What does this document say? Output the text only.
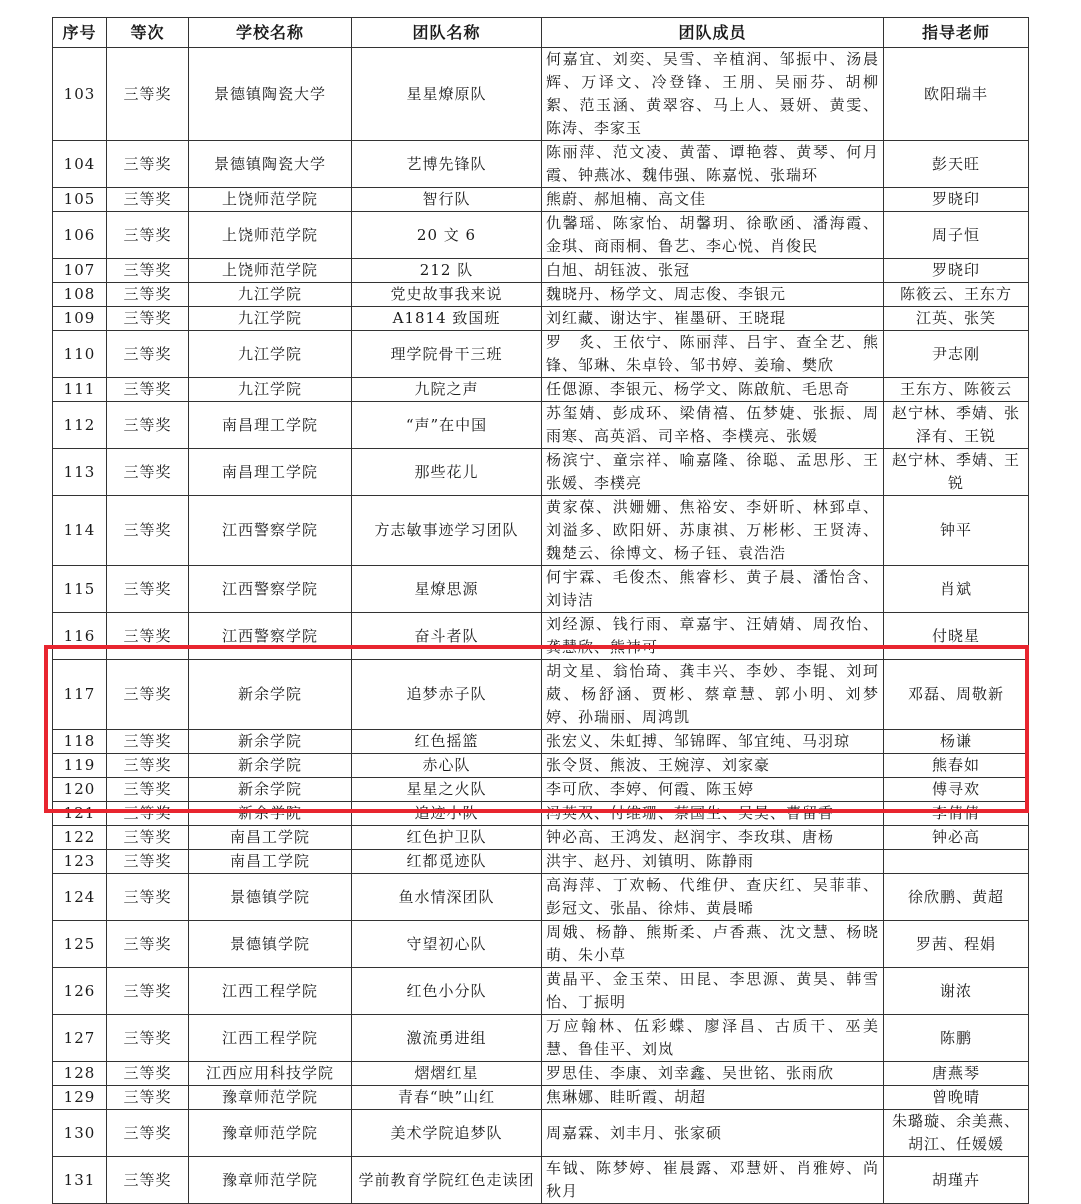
序号	等次	学校名称	团队名称	团队成员	指导老师
103	三等奖	景德镇陶瓷大学	星星燎原队	何嘉宜、刘奕、吴雪、辛植润、邹振中、汤晨辉、万译文、冷登锋、王朋、吴丽芬、胡柳絮、范玉涵、黄翠容、马上人、聂妍、黄雯、陈涛、李家玉	欧阳瑞丰
104	三等奖	景德镇陶瓷大学	艺博先锋队	陈丽萍、范文凌、黄蕾、谭艳蓉、黄琴、何月霞、钟燕冰、魏伟强、陈嘉悦、张瑞环	彭天旺
105	三等奖	上饶师范学院	智行队	熊蔚、郝旭楠、高文佳	罗晓印
106	三等奖	上饶师范学院	20 文 6	仇馨瑶、陈家怡、胡馨玥、徐歌函、潘海霞、金琪、商雨桐、鲁艺、李心悦、肖俊民	周子恒
107	三等奖	上饶师范学院	212 队	白旭、胡钰波、张冠	罗晓印
108	三等奖	九江学院	党史故事我来说	魏晓丹、杨学文、周志俊、李银元	陈筱云、王东方
109	三等奖	九江学院	A1814 致国班	刘红藏、谢达宇、崔墨研、王晓琨	江英、张笑
110	三等奖	九江学院	理学院骨干三班	罗　炙、王依宁、陈丽萍、吕宇、查全艺、熊锋、邹琳、朱卓铃、邹书婷、姜瑜、樊欣	尹志刚
111	三等奖	九江学院	九院之声	任偲源、李银元、杨学文、陈啟航、毛思奇	王东方、陈筱云
112	三等奖	南昌理工学院	“声”在中国	苏玺婧、彭成环、梁倩禧、伍梦婕、张振、周雨寒、高英滔、司辛格、李樸亮、张媛	赵宁林、季婧、张泽有、王锐
113	三等奖	南昌理工学院	那些花儿	杨滨宁、童宗祥、喻嘉隆、徐聪、孟思彤、王张媛、李樸亮	赵宁林、季婧、王锐
114	三等奖	江西警察学院	方志敏事迹学习团队	黄家葆、洪姗姗、焦裕安、李妍昕、林郅卓、刘溢多、欧阳妍、苏康祺、万彬彬、王贤涛、魏楚云、徐博文、杨子钰、袁浩浩	钟平
115	三等奖	江西警察学院	星燎思源	何宇霖、毛俊杰、熊睿杉、黄子晨、潘怡含、刘诗洁	肖斌
116	三等奖	江西警察学院	奋斗者队	刘经源、钱行雨、章嘉宇、汪婧婧、周孜怡、龚慧欣、熊祎可	付晓星
117	三等奖	新余学院	追梦赤子队	胡文星、翁怡琦、龚丰兴、李妙、李锟、刘珂葳、杨舒涵、贾彬、蔡章慧、郭小明、刘梦婷、孙瑞丽、周鸿凯	邓磊、周敬新
118	三等奖	新余学院	红色摇篮	张宏义、朱虹搏、邹锦晖、邹宜纯、马羽琼	杨谦
119	三等奖	新余学院	赤心队	张令贤、熊波、王婉淳、刘家豪	熊春如
120	三等奖	新余学院	星星之火队	李可欣、李婷、何霞、陈玉婷	傅寻欢
121	三等奖	新余学院	追迹小队	冯英双、付维珊、蔡国生、吴昊、曹留香	李倩倩
122	三等奖	南昌工学院	红色护卫队	钟必高、王鸿发、赵润宇、李玫琪、唐杨	钟必高
123	三等奖	南昌工学院	红都觅迹队	洪宇、赵丹、刘镇明、陈静雨	
124	三等奖	景德镇学院	鱼水情深团队	高海萍、丁欢畅、代维伊、查庆红、吴菲菲、彭冠文、张晶、徐炜、黄晨晞	徐欣鹏、黄超
125	三等奖	景德镇学院	守望初心队	周娥、杨静、熊斯柔、卢香燕、沈文慧、杨晓萌、朱小草	罗茜、程娟
126	三等奖	江西工程学院	红色小分队	黄晶平、金玉荣、田昆、李思源、黄昊、韩雪怡、丁振明	谢浓
127	三等奖	江西工程学院	激流勇进组	万应翰林、伍彩蝶、廖泽昌、古质干、巫美慧、鲁佳平、刘岚	陈鹏
128	三等奖	江西应用科技学院	熠熠红星	罗思佳、李康、刘幸鑫、吴世铭、张雨欣	唐燕琴
129	三等奖	豫章师范学院	青春“映”山红	焦琳娜、眭昕霞、胡超	曾晚晴
130	三等奖	豫章师范学院	美术学院追梦队	周嘉霖、刘丰月、张家硕	朱璐璇、余美燕、胡江、任媛媛
131	三等奖	豫章师范学院	学前教育学院红色走读团	车钺、陈梦婷、崔晨露、邓慧妍、肖雅婷、尚秋月	胡瑾卉
